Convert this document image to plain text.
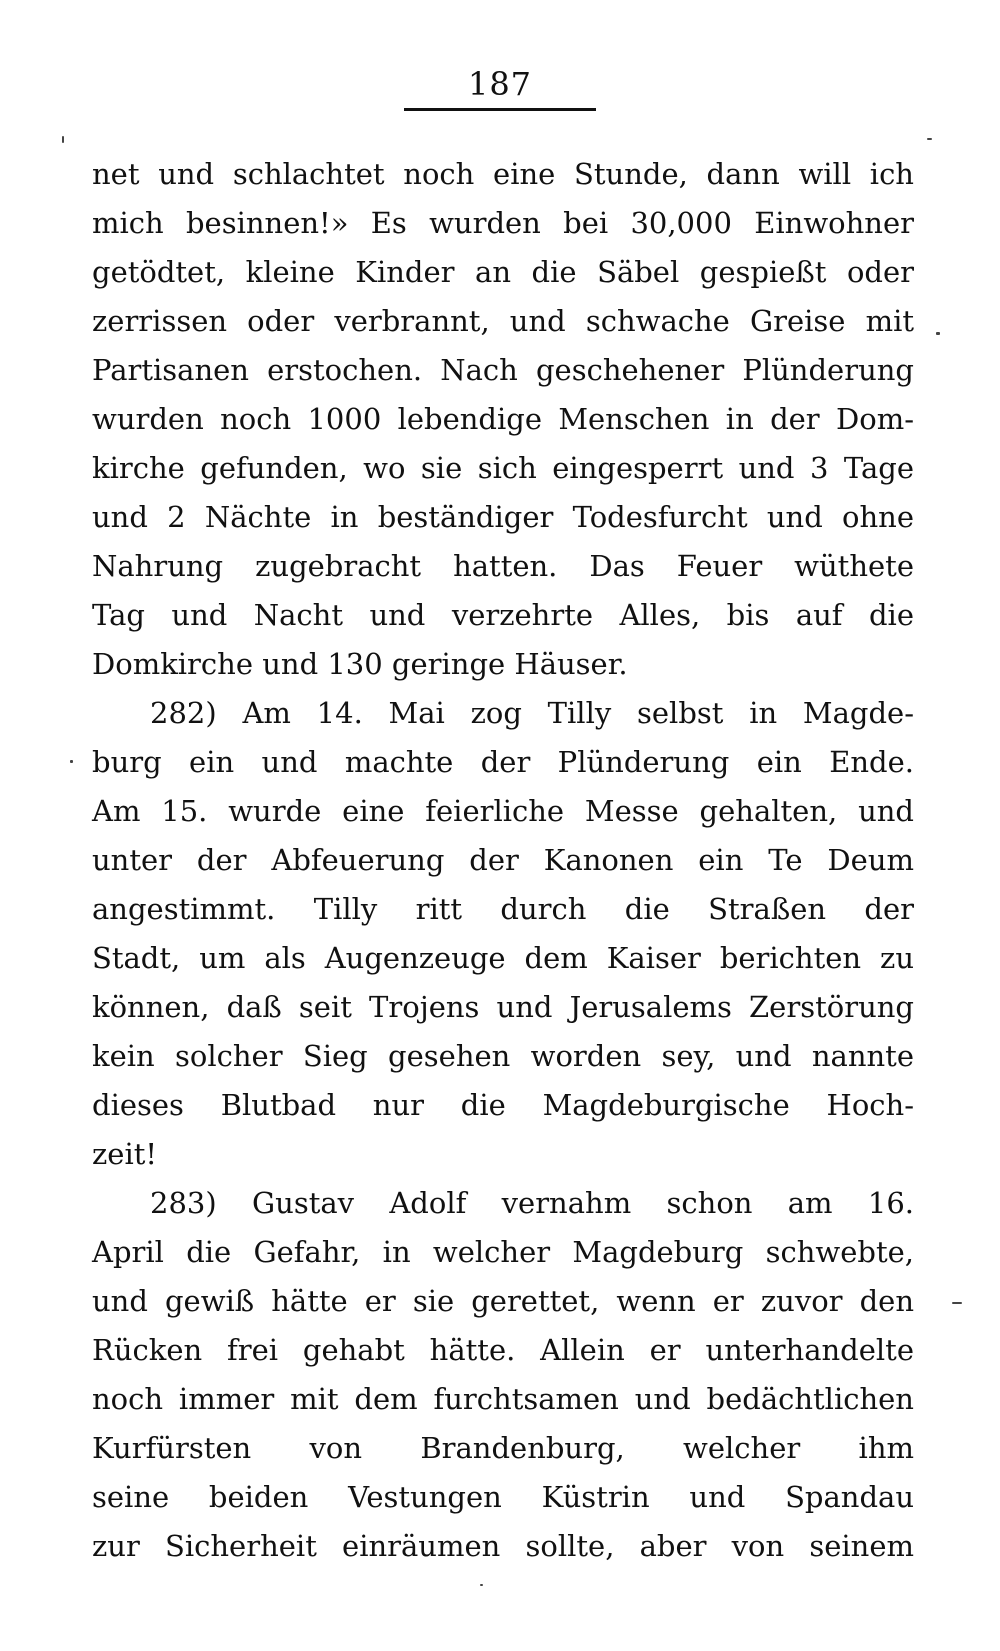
187
net und schlachtet noch eine Stunde, dann will ich
mich besinnen!» Es wurden bei 30,000 Einwohner
getödtet, kleine Kinder an die Säbel gespießt oder
zerrissen oder verbrannt, und schwache Greise mit
Partisanen erstochen. Nach geschehener Plünderung
wurden noch 1000 lebendige Menschen in der Dom-
kirche gefunden, wo sie sich eingesperrt und 3 Tage
und 2 Nächte in beständiger Todesfurcht und ohne
Nahrung zugebracht hatten. Das Feuer wüthete
Tag und Nacht und verzehrte Alles, bis auf die
Domkirche und 130 geringe Häuser.
282) Am 14. Mai zog Tilly selbst in Magde-
burg ein und machte der Plünderung ein Ende.
Am 15. wurde eine feierliche Messe gehalten, und
unter der Abfeuerung der Kanonen ein Te Deum
angestimmt. Tilly ritt durch die Straßen der
Stadt, um als Augenzeuge dem Kaiser berichten zu
können, daß seit Trojens und Jerusalems Zerstörung
kein solcher Sieg gesehen worden sey, und nannte
dieses Blutbad nur die Magdeburgische Hoch-
zeit!
283) Gustav Adolf vernahm schon am 16.
April die Gefahr, in welcher Magdeburg schwebte,
und gewiß hätte er sie gerettet, wenn er zuvor den
Rücken frei gehabt hätte. Allein er unterhandelte
noch immer mit dem furchtsamen und bedächtlichen
Kurfürsten von Brandenburg, welcher ihm
seine beiden Vestungen Küstrin und Spandau
zur Sicherheit einräumen sollte, aber von seinem
